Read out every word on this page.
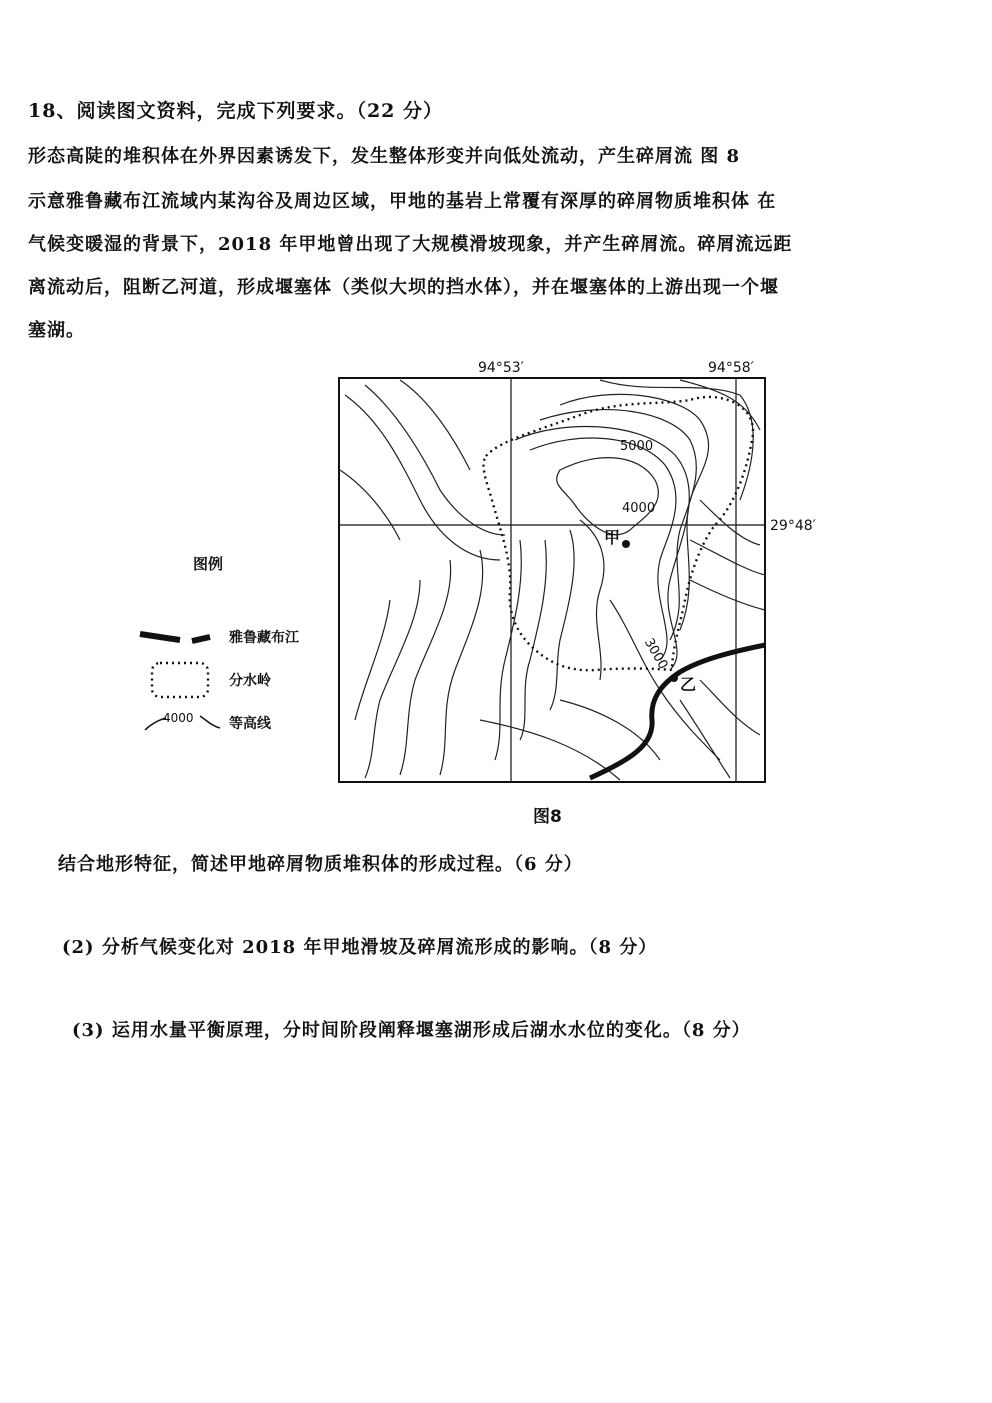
18、阅读图文资料，完成下列要求。（22 分）
形态高陡的堆积体在外界因素诱发下，发生整体形变并向低处流动，产生碎屑流 图 8
示意雅鲁藏布江流域内某沟谷及周边区域，甲地的基岩上常覆有深厚的碎屑物质堆积体 在
气候变暖湿的背景下，2018 年甲地曾出现了大规模滑坡现象，并产生碎屑流。碎屑流远距
离流动后，阻断乙河道，形成堰塞体（类似大坝的挡水体），并在堰塞体的上游出现一个堰
塞湖。
94°53′	94°58′
29°48′
5000
4000
3000
甲
乙
4000
图例
雅鲁藏布江
分水岭
等高线
图8
结合地形特征，简述甲地碎屑物质堆积体的形成过程。（6 分）
(2) 分析气候变化对 2018 年甲地滑坡及碎屑流形成的影响。（8 分）
(3) 运用水量平衡原理，分时间阶段阐释堰塞湖形成后湖水水位的变化。（8 分）
